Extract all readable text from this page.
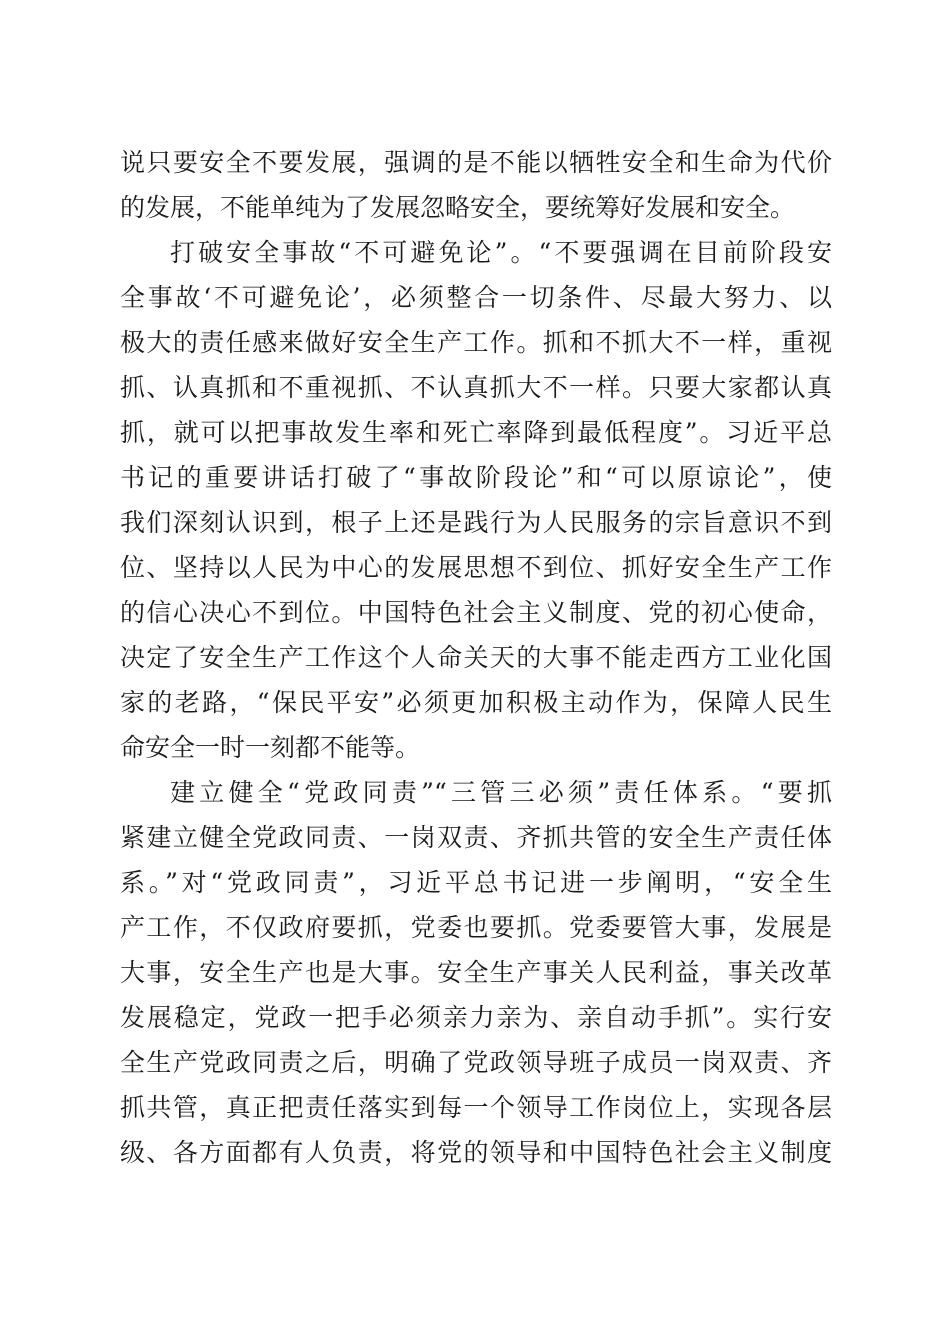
说只要安全不要发展，强调的是不能以牺牲安全和生命为代价
的发展，不能单纯为了发展忽略安全，要统筹好发展和安全。
打破安全事故“不可避免论”。“不要强调在目前阶段安
全事故‘不可避免论’，必须整合一切条件、尽最大努力、以
极大的责任感来做好安全生产工作。抓和不抓大不一样，重视
抓、认真抓和不重视抓、不认真抓大不一样。只要大家都认真
抓，就可以把事故发生率和死亡率降到最低程度”。习近平总
书记的重要讲话打破了“事故阶段论”和“可以原谅论”，使
我们深刻认识到，根子上还是践行为人民服务的宗旨意识不到
位、坚持以人民为中心的发展思想不到位、抓好安全生产工作
的信心决心不到位。中国特色社会主义制度、党的初心使命，
决定了安全生产工作这个人命关天的大事不能走西方工业化国
家的老路，“保民平安”必须更加积极主动作为，保障人民生
命安全一时一刻都不能等。
建立健全“党政同责”“三管三必须”责任体系。“要抓
紧建立健全党政同责、一岗双责、齐抓共管的安全生产责任体
系。”对“党政同责”，习近平总书记进一步阐明，“安全生
产工作，不仅政府要抓，党委也要抓。党委要管大事，发展是
大事，安全生产也是大事。安全生产事关人民利益，事关改革
发展稳定，党政一把手必须亲力亲为、亲自动手抓”。实行安
全生产党政同责之后，明确了党政领导班子成员一岗双责、齐
抓共管，真正把责任落实到每一个领导工作岗位上，实现各层
级、各方面都有人负责，将党的领导和中国特色社会主义制度
